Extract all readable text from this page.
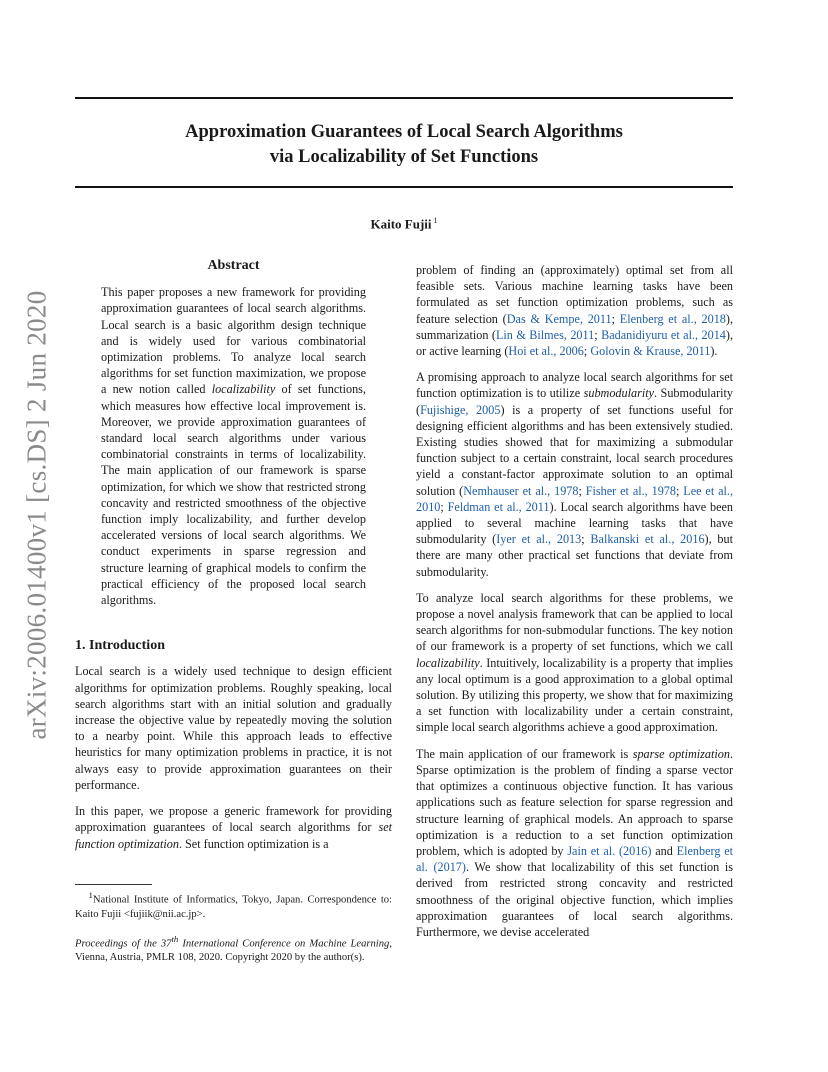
Approximation Guarantees of Local Search Algorithms
via Localizability of Set Functions
Kaito Fujii $^1$
arXiv:2006.01400v1 [cs.DS] 2 Jun 2020
Abstract

This paper proposes a new framework for providing approximation guarantees of local search algorithms. Local search is a basic algorithm design technique and is widely used for various combinatorial optimization problems. To analyze local search algorithms for set function maximization, we propose a new notion called localizability of set functions, which measures how effective local improvement is. Moreover, we provide approximation guarantees of standard local search algorithms under various combinatorial constraints in terms of localizability. The main application of our framework is sparse optimization, for which we show that restricted strong concavity and restricted smoothness of the objective function imply localizability, and further develop accelerated versions of local search algorithms. We conduct experiments in sparse regression and structure learning of graphical models to confirm the practical efficiency of the proposed local search algorithms.

1. Introduction

Local search is a widely used technique to design efficient algorithms for optimization problems. Roughly speaking, local search algorithms start with an initial solution and gradually increase the objective value by repeatedly moving the solution to a nearby point. While this approach leads to effective heuristics for many optimization problems in practice, it is not always easy to provide approximation guarantees on their performance.

In this paper, we propose a generic framework for providing approximation guarantees of local search algorithms for set function optimization. Set function optimization is a

$^1$National Institute of Informatics, Tokyo, Japan. Correspondence to: Kaito Fujii <fujiik@nii.ac.jp>.

Proceedings of the 37th International Conference on Machine Learning, Vienna, Austria, PMLR 108, 2020. Copyright 2020 by the author(s).

problem of finding an (approximately) optimal set from all feasible sets. Various machine learning tasks have been formulated as set function optimization problems, such as feature selection (Das & Kempe, 2011; Elenberg et al., 2018), summarization (Lin & Bilmes, 2011; Badanidiyuru et al., 2014), or active learning (Hoi et al., 2006; Golovin & Krause, 2011).

A promising approach to analyze local search algorithms for set function optimization is to utilize submodularity. Submodularity (Fujishige, 2005) is a property of set functions useful for designing efficient algorithms and has been extensively studied. Existing studies showed that for maximizing a submodular function subject to a certain constraint, local search procedures yield a constant-factor approximate solution to an optimal solution (Nemhauser et al., 1978; Fisher et al., 1978; Lee et al., 2010; Feldman et al., 2011). Local search algorithms have been applied to several machine learning tasks that have submodularity (Iyer et al., 2013; Balkanski et al., 2016), but there are many other practical set functions that deviate from submodularity.

To analyze local search algorithms for these problems, we propose a novel analysis framework that can be applied to local search algorithms for non-submodular functions. The key notion of our framework is a property of set functions, which we call localizability. Intuitively, localizability is a property that implies any local optimum is a good approximation to a global optimal solution. By utilizing this property, we show that for maximizing a set function with localizability under a certain constraint, simple local search algorithms achieve a good approximation.

The main application of our framework is sparse optimization. Sparse optimization is the problem of finding a sparse vector that optimizes a continuous objective function. It has various applications such as feature selection for sparse regression and structure learning of graphical models. An approach to sparse optimization is a reduction to a set function optimization problem, which is adopted by Jain et al. (2016) and Elenberg et al. (2017). We show that localizability of this set function is derived from restricted strong concavity and restricted smoothness of the original objective function, which implies approximation guarantees of local search algorithms. Furthermore, we devise accelerated
